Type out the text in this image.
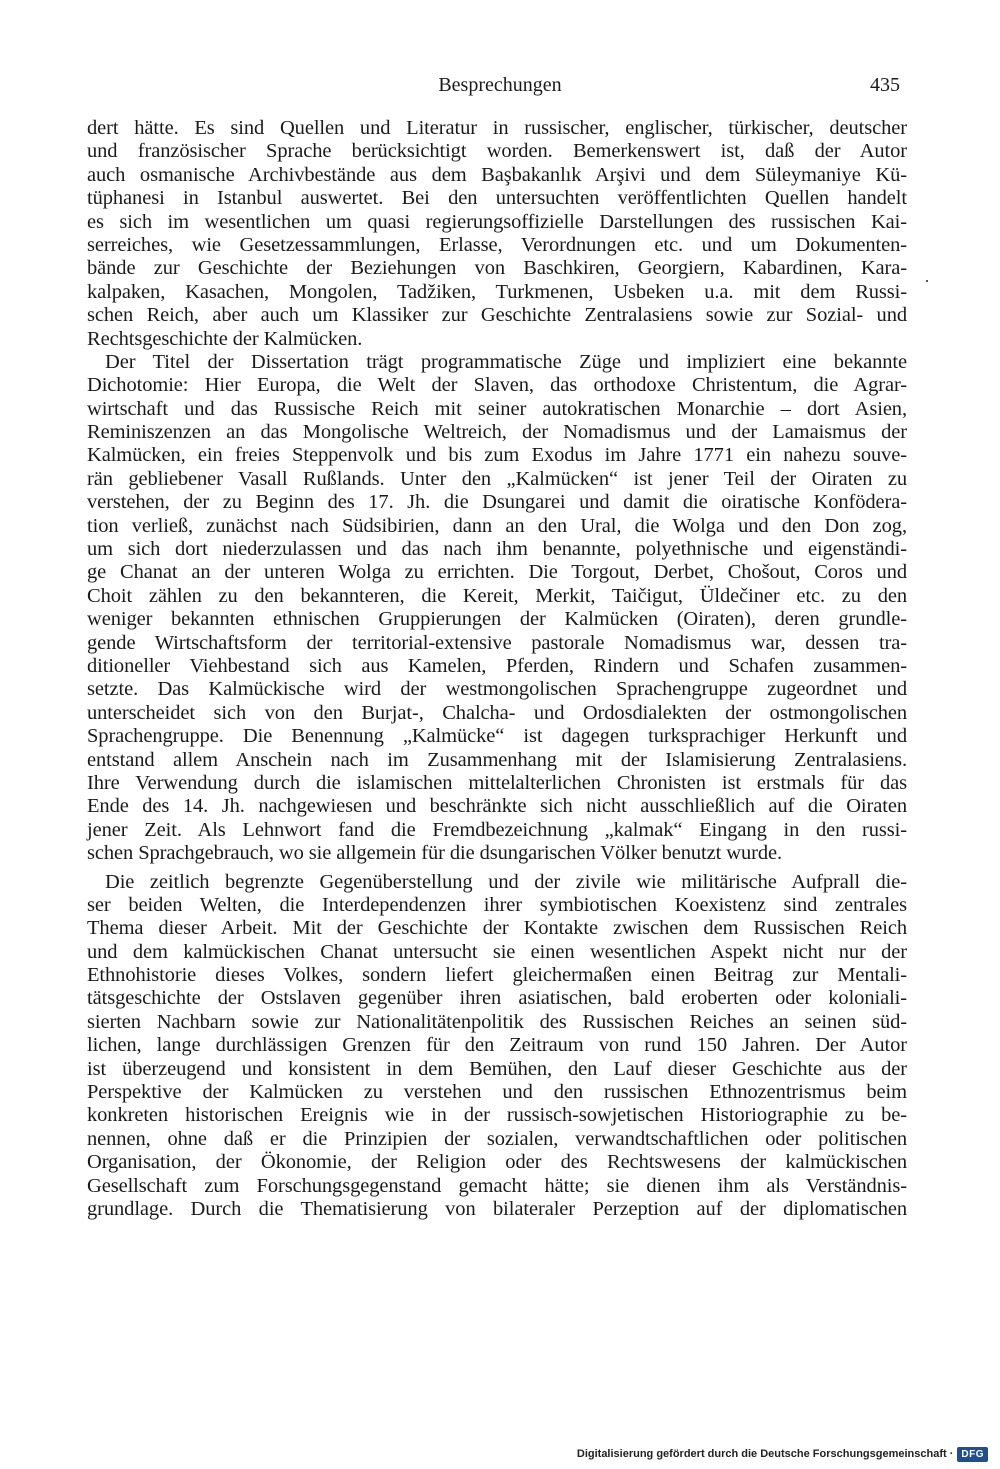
Besprechungen	435
dert hätte. Es sind Quellen und Literatur in russischer, englischer, türkischer, deutscher
und französischer Sprache berücksichtigt worden. Bemerkenswert ist, daß der Autor
auch osmanische Archivbestände aus dem Başbakanlık Arşivi und dem Süleymaniye Kü-
tüphanesi in Istanbul auswertet. Bei den untersuchten veröffentlichten Quellen handelt
es sich im wesentlichen um quasi regierungsoffizielle Darstellungen des russischen Kai-
serreiches, wie Gesetzessammlungen, Erlasse, Verordnungen etc. und um Dokumenten-
bände zur Geschichte der Beziehungen von Baschkiren, Georgiern, Kabardinen, Kara-
kalpaken, Kasachen, Mongolen, Tadžiken, Turkmenen, Usbeken u.a. mit dem Russi-
schen Reich, aber auch um Klassiker zur Geschichte Zentralasiens sowie zur Sozial- und
Rechtsgeschichte der Kalmücken.
Der Titel der Dissertation trägt programmatische Züge und impliziert eine bekannte
Dichotomie: Hier Europa, die Welt der Slaven, das orthodoxe Christentum, die Agrar-
wirtschaft und das Russische Reich mit seiner autokratischen Monarchie – dort Asien,
Reminiszenzen an das Mongolische Weltreich, der Nomadismus und der Lamaismus der
Kalmücken, ein freies Steppenvolk und bis zum Exodus im Jahre 1771 ein nahezu souve-
rän gebliebener Vasall Rußlands. Unter den „Kalmücken“ ist jener Teil der Oiraten zu
verstehen, der zu Beginn des 17. Jh. die Dsungarei und damit die oiratische Konfödera-
tion verließ, zunächst nach Südsibirien, dann an den Ural, die Wolga und den Don zog,
um sich dort niederzulassen und das nach ihm benannte, polyethnische und eigenständi-
ge Chanat an der unteren Wolga zu errichten. Die Torgout, Derbet, Chošout, Coros und
Choit zählen zu den bekannteren, die Kereit, Merkit, Taičigut, Üldečiner etc. zu den
weniger bekannten ethnischen Gruppierungen der Kalmücken (Oiraten), deren grundle-
gende Wirtschaftsform der territorial-extensive pastorale Nomadismus war, dessen tra-
ditioneller Viehbestand sich aus Kamelen, Pferden, Rindern und Schafen zusammen-
setzte. Das Kalmückische wird der westmongolischen Sprachengruppe zugeordnet und
unterscheidet sich von den Burjat-, Chalcha- und Ordosdialekten der ostmongolischen
Sprachengruppe. Die Benennung „Kalmücke“ ist dagegen turksprachiger Herkunft und
entstand allem Anschein nach im Zusammenhang mit der Islamisierung Zentralasiens.
Ihre Verwendung durch die islamischen mittelalterlichen Chronisten ist erstmals für das
Ende des 14. Jh. nachgewiesen und beschränkte sich nicht ausschließlich auf die Oiraten
jener Zeit. Als Lehnwort fand die Fremdbezeichnung „kalmak“ Eingang in den russi-
schen Sprachgebrauch, wo sie allgemein für die dsungarischen Völker benutzt wurde.
Die zeitlich begrenzte Gegenüberstellung und der zivile wie militärische Aufprall die-
ser beiden Welten, die Interdependenzen ihrer symbiotischen Koexistenz sind zentrales
Thema dieser Arbeit. Mit der Geschichte der Kontakte zwischen dem Russischen Reich
und dem kalmückischen Chanat untersucht sie einen wesentlichen Aspekt nicht nur der
Ethnohistorie dieses Volkes, sondern liefert gleichermaßen einen Beitrag zur Mentali-
tätsgeschichte der Ostslaven gegenüber ihren asiatischen, bald eroberten oder koloniali-
sierten Nachbarn sowie zur Nationalitätenpolitik des Russischen Reiches an seinen süd-
lichen, lange durchlässigen Grenzen für den Zeitraum von rund 150 Jahren. Der Autor
ist überzeugend und konsistent in dem Bemühen, den Lauf dieser Geschichte aus der
Perspektive der Kalmücken zu verstehen und den russischen Ethnozentrismus beim
konkreten historischen Ereignis wie in der russisch-sowjetischen Historiographie zu be-
nennen, ohne daß er die Prinzipien der sozialen, verwandtschaftlichen oder politischen
Organisation, der Ökonomie, der Religion oder des Rechtswesens der kalmückischen
Gesellschaft zum Forschungsgegenstand gemacht hätte; sie dienen ihm als Verständnis-
grundlage. Durch die Thematisierung von bilateraler Perzeption auf der diplomatischen
Digitalisierung gefördert durch die Deutsche Forschungsgemeinschaft · DFG
